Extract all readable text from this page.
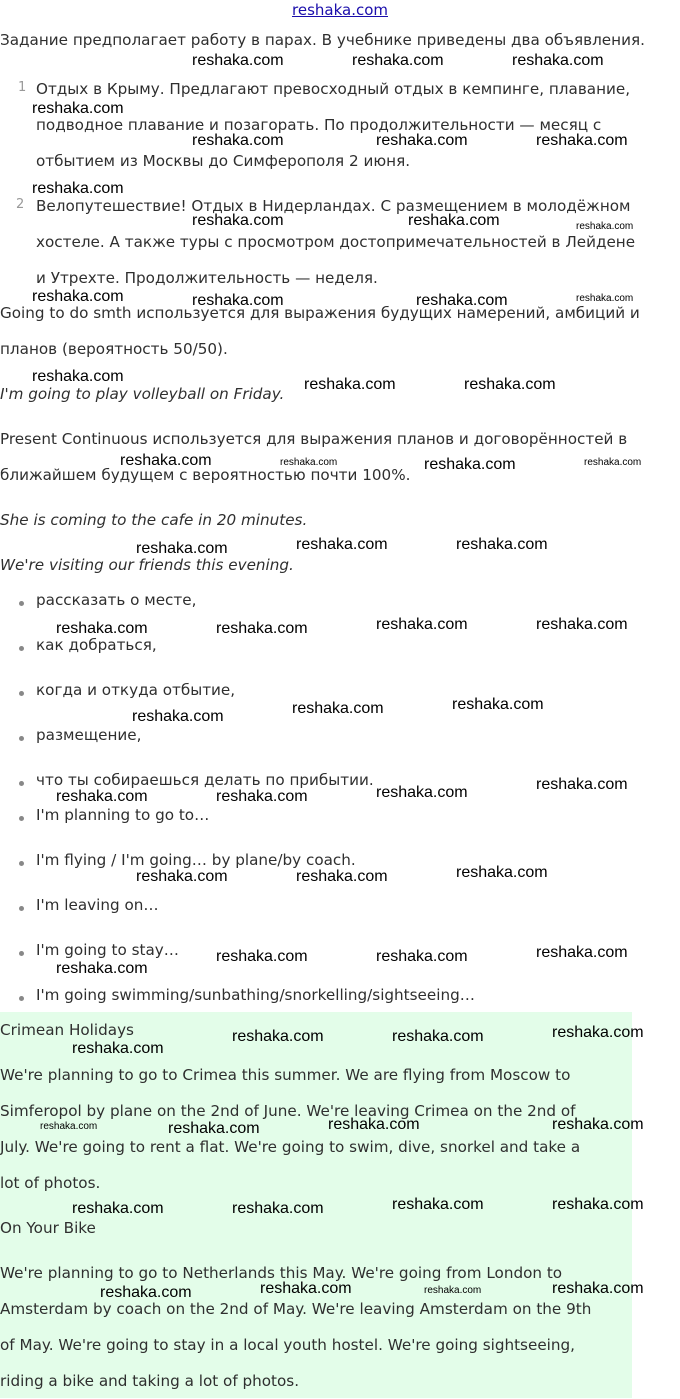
reshaka.com
Задание предполагает работу в парах. В учебнике приведены два объявления.
1 Отдых в Крыму. Предлагают превосходный отдых в кемпинге, плавание,
подводное плавание и позагорать. По продолжительности — месяц с
отбытием из Москвы до Симферополя 2 июня.
2 Велопутешествие! Отдых в Нидерландах. С размещением в молодёжном
хостеле. А также туры с просмотром достопримечательностей в Лейдене
и Утрехте. Продолжительность — неделя.
Going to do smth используется для выражения будущих намерений, амбиций и
планов (вероятность 50/50).
I'm going to play volleyball on Friday.
Present Continuous используется для выражения планов и договорённостей в
ближайшем будущем с вероятностью почти 100%.
She is coming to the cafe in 20 minutes.
We're visiting our friends this evening.
рассказать о месте,
как добраться,
когда и откуда отбытие,
размещение,
что ты собираешься делать по прибытии.
I'm planning to go to…
I'm flying / I'm going… by plane/by coach.
I'm leaving on…
I'm going to stay…
I'm going swimming/sunbathing/snorkelling/sightseeing…
Crimean Holidays
We're planning to go to Crimea this summer. We are flying from Moscow to
Simferopol by plane on the 2nd of June. We're leaving Crimea on the 2nd of
July. We're going to rent a flat. We're going to swim, dive, snorkel and take a
lot of photos.
On Your Bike
We're planning to go to Netherlands this May. We're going from London to
Amsterdam by coach on the 2nd of May. We're leaving Amsterdam on the 9th
of May. We're going to stay in a local youth hostel. We're going sightseeing,
riding a bike and taking a lot of photos.
reshaka.com	reshaka.com	reshaka.com
reshaka.com
reshaka.com	reshaka.com	reshaka.com
reshaka.com
reshaka.com	reshaka.com	reshaka.com
reshaka.com	reshaka.com	reshaka.com	reshaka.com
reshaka.com	reshaka.com	reshaka.com
reshaka.com	reshaka.com	reshaka.com	reshaka.com
reshaka.com	reshaka.com	reshaka.com
reshaka.com	reshaka.com	reshaka.com	reshaka.com
reshaka.com	reshaka.com	reshaka.com
reshaka.com	reshaka.com	reshaka.com	reshaka.com
reshaka.com	reshaka.com	reshaka.com
reshaka.com
reshaka.com	reshaka.com	reshaka.com
reshaka.com
reshaka.com	reshaka.com	reshaka.com
reshaka.com	reshaka.com	reshaka.com	reshaka.com
reshaka.com	reshaka.com	reshaka.com	reshaka.com
reshaka.com	reshaka.com	reshaka.com	reshaka.com
